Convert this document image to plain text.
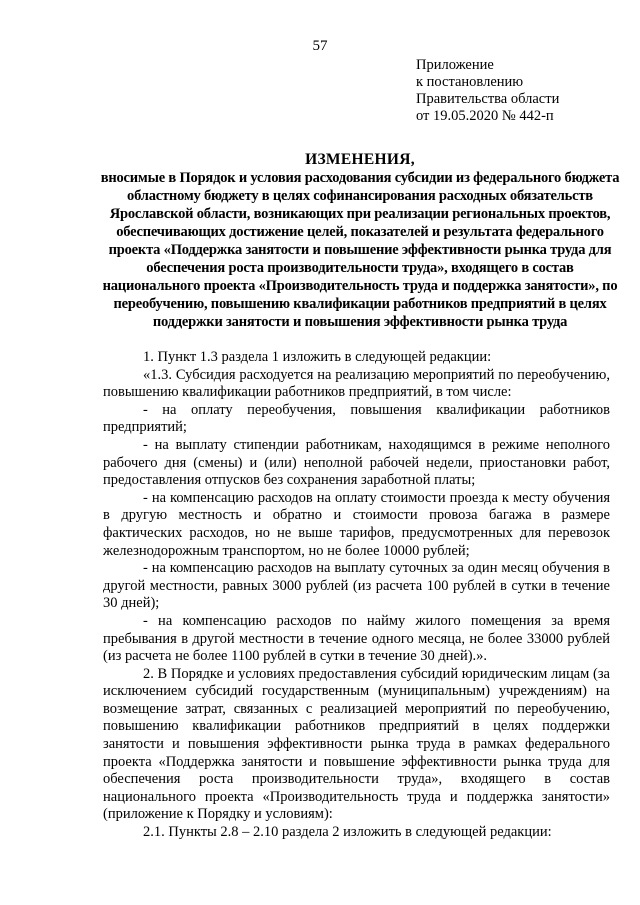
57
Приложение
к постановлению
Правительства области
от 19.05.2020 № 442-п
ИЗМЕНЕНИЯ,
вносимые в Порядок и условия расходования субсидии из федерального бюджета областному бюджету в целях софинансирования расходных обязательств Ярославской области, возникающих при реализации региональных проектов, обеспечивающих достижение целей, показателей и результата федерального проекта «Поддержка занятости и повышение эффективности рынка труда для обеспечения роста производительности труда», входящего в состав национального проекта «Производительность труда и поддержка занятости», по переобучению, повышению квалификации работников предприятий в целях поддержки занятости и повышения эффективности рынка труда

1. Пункт 1.3 раздела 1 изложить в следующей редакции:

«1.3. Субсидия расходуется на реализацию мероприятий по переобучению, повышению квалификации работников предприятий, в том числе:

- на оплату переобучения, повышения квалификации работников предприятий;

- на выплату стипендии работникам, находящимся в режиме неполного рабочего дня (смены) и (или) неполной рабочей недели, приостановки работ, предоставления отпусков без сохранения заработной платы;

- на компенсацию расходов на оплату стоимости проезда к месту обучения в другую местность и обратно и стоимости провоза багажа в размере фактических расходов, но не выше тарифов, предусмотренных для перевозок железнодорожным транспортом, но не более 10000 рублей;

- на компенсацию расходов на выплату суточных за один месяц обучения в другой местности, равных 3000 рублей (из расчета 100 рублей в сутки в течение 30 дней);

- на компенсацию расходов по найму жилого помещения за время пребывания в другой местности в течение одного месяца, не более 33000 рублей (из расчета не более 1100 рублей в сутки в течение 30 дней).».

2. В Порядке и условиях предоставления субсидий юридическим лицам (за исключением субсидий государственным (муниципальным) учреждениям) на возмещение затрат, связанных с реализацией мероприятий по переобучению, повышению квалификации работников предприятий в целях поддержки занятости и повышения эффективности рынка труда в рамках федерального проекта «Поддержка занятости и повышение эффективности рынка труда для обеспечения роста производительности труда», входящего в состав национального проекта «Производительность труда и поддержка занятости» (приложение к Порядку и условиям):

2.1. Пункты 2.8 – 2.10 раздела 2 изложить в следующей редакции:
